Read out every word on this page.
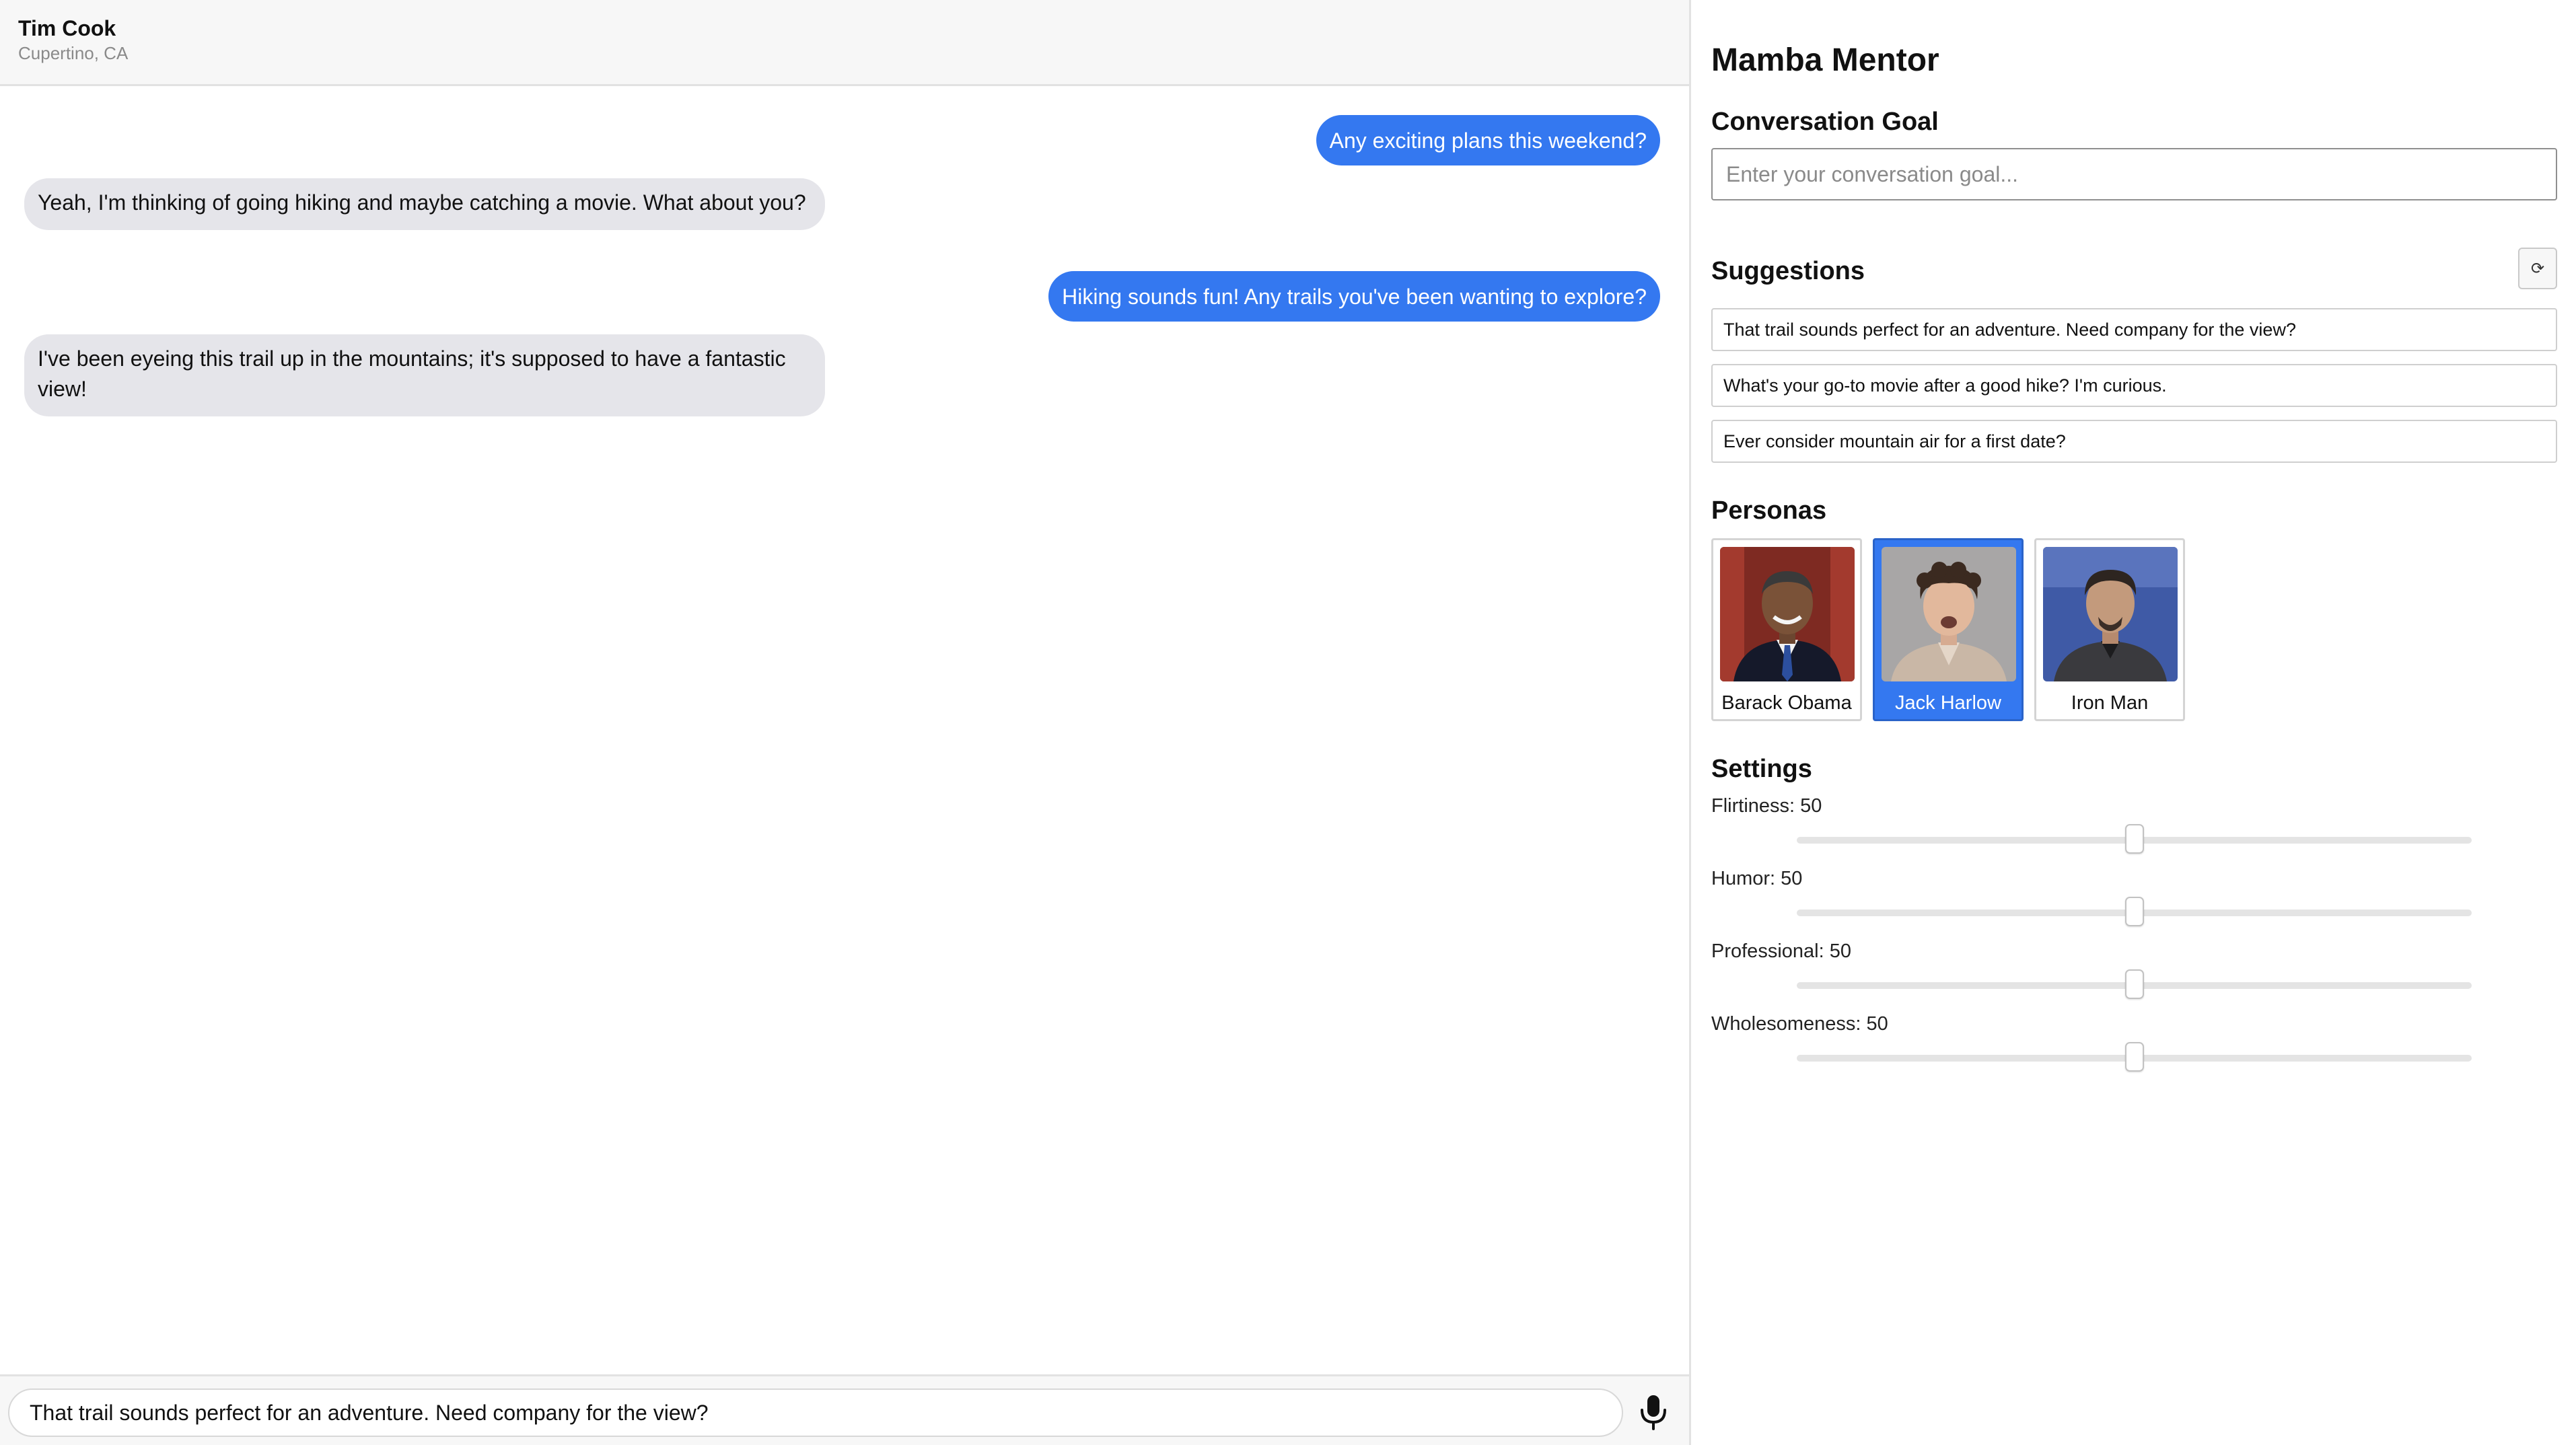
Tim Cook
Cupertino, CA
Any exciting plans this weekend?
Yeah, I'm thinking of going hiking and maybe catching a movie. What about you?
Hiking sounds fun! Any trails you've been wanting to explore?
I've been eyeing this trail up in the mountains; it's supposed to have a fantastic view!
That trail sounds perfect for an adventure. Need company for the view?
Mamba Mentor
Conversation Goal
Enter your conversation goal...
Suggestions	⟳
That trail sounds perfect for an adventure. Need company for the view?
What's your go-to movie after a good hike? I'm curious.
Ever consider mountain air for a first date?
Personas
Barack Obama	Jack Harlow	Iron Man
Settings
Flirtiness: 50
Humor: 50
Professional: 50
Wholesomeness: 50
